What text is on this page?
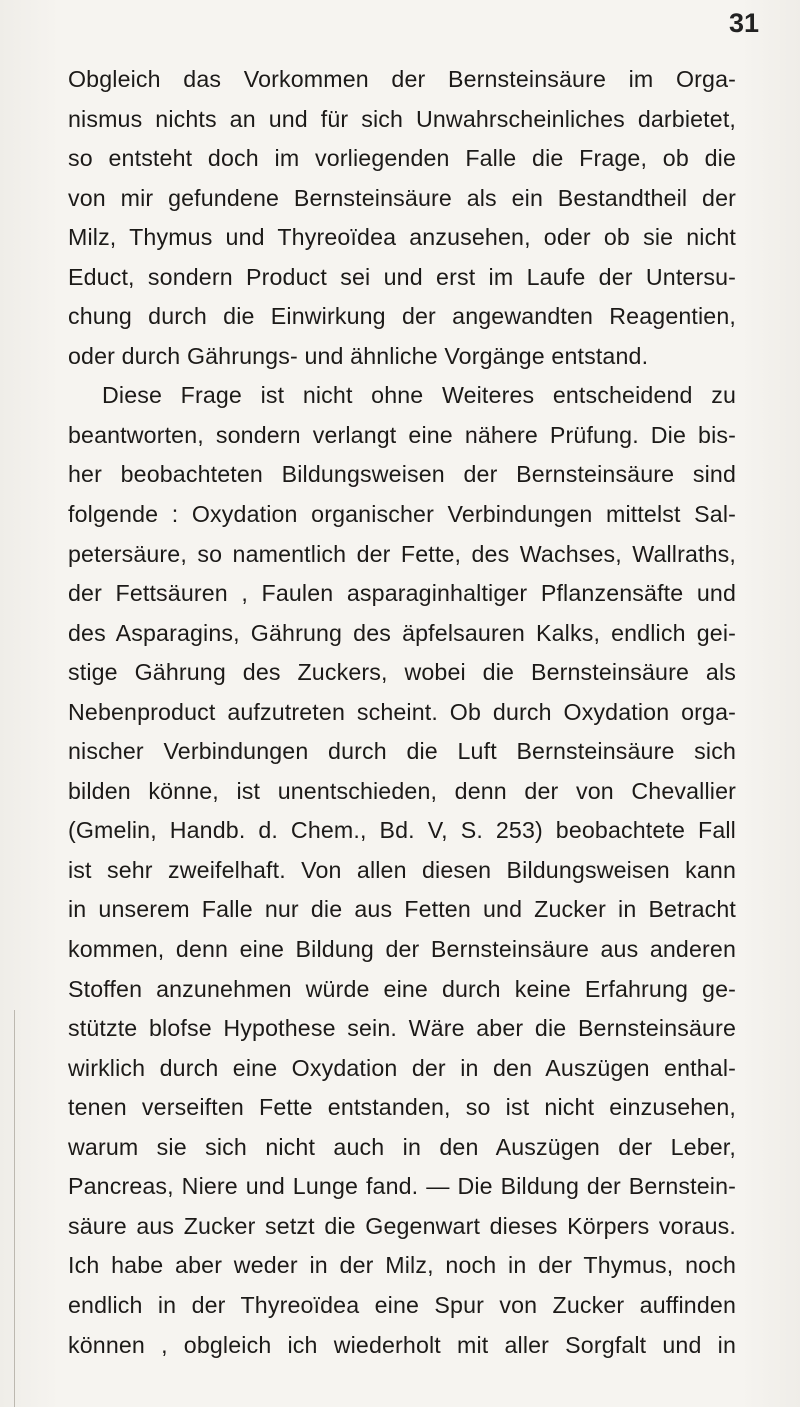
31
Obgleich das Vorkommen der Bernsteinsäure im Orga-
nismus nichts an und für sich Unwahrscheinliches darbietet,
so entsteht doch im vorliegenden Falle die Frage, ob die
von mir gefundene Bernsteinsäure als ein Bestandtheil der
Milz, Thymus und Thyreoïdea anzusehen, oder ob sie nicht
Educt, sondern Product sei und erst im Laufe der Untersu-
chung durch die Einwirkung der angewandten Reagentien,
oder durch Gährungs- und ähnliche Vorgänge entstand.
Diese Frage ist nicht ohne Weiteres entscheidend zu
beantworten, sondern verlangt eine nähere Prüfung. Die bis-
her beobachteten Bildungsweisen der Bernsteinsäure sind
folgende : Oxydation organischer Verbindungen mittelst Sal-
petersäure, so namentlich der Fette, des Wachses, Wallraths,
der Fettsäuren , Faulen asparaginhaltiger Pflanzensäfte und
des Asparagins, Gährung des äpfelsauren Kalks, endlich gei-
stige Gährung des Zuckers, wobei die Bernsteinsäure als
Nebenproduct aufzutreten scheint. Ob durch Oxydation orga-
nischer Verbindungen durch die Luft Bernsteinsäure sich
bilden könne, ist unentschieden, denn der von Chevallier
(Gmelin, Handb. d. Chem., Bd. V, S. 253) beobachtete Fall
ist sehr zweifelhaft. Von allen diesen Bildungsweisen kann
in unserem Falle nur die aus Fetten und Zucker in Betracht
kommen, denn eine Bildung der Bernsteinsäure aus anderen
Stoffen anzunehmen würde eine durch keine Erfahrung ge-
stützte blofse Hypothese sein. Wäre aber die Bernsteinsäure
wirklich durch eine Oxydation der in den Auszügen enthal-
tenen verseiften Fette entstanden, so ist nicht einzusehen,
warum sie sich nicht auch in den Auszügen der Leber,
Pancreas, Niere und Lunge fand. — Die Bildung der Bernstein-
säure aus Zucker setzt die Gegenwart dieses Körpers voraus.
Ich habe aber weder in der Milz, noch in der Thymus, noch
endlich in der Thyreoïdea eine Spur von Zucker auffinden
können , obgleich ich wiederholt mit aller Sorgfalt und in
